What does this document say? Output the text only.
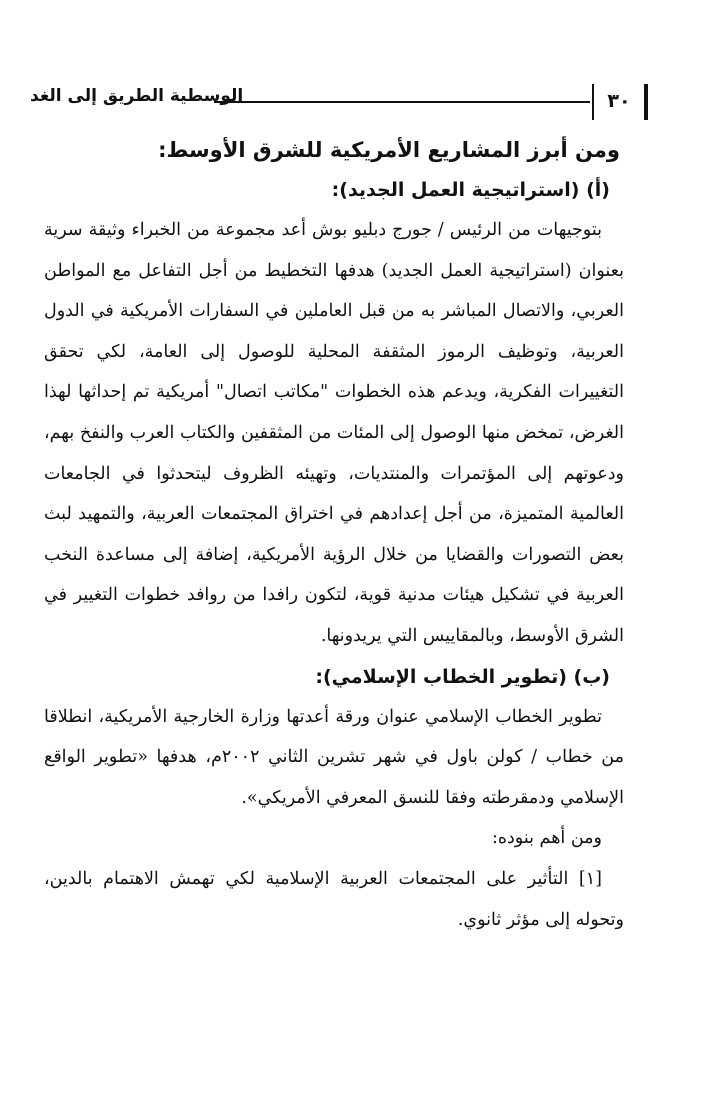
الوسطية الطريق إلى الغد	٣٠
ومن أبرز المشاريع الأمريكية للشرق الأوسط:
(أ) (استراتيجية العمل الجديد):

بتوجيهات من الرئيس / جورج دبليو بوش أعد مجموعة من الخبراء وثيقة سرية بعنوان (استراتيجية العمل الجديد) هدفها التخطيط من أجل التفاعل مع المواطن العربي، والاتصال المباشر به من قبل العاملين في السفارات الأمريكية في الدول العربية، وتوظيف الرموز المثقفة المحلية للوصول إلى العامة، لكي تحقق التغييرات الفكرية، ويدعم هذه الخطوات "مكاتب اتصال" أمريكية تم إحداثها لهذا الغرض، تمخض منها الوصول إلى المئات من المثقفين والكتاب العرب والنفخ بهم، ودعوتهم إلى المؤتمرات والمنتديات، وتهيئه الظروف ليتحدثوا في الجامعات العالمية المتميزة، من أجل إعدادهم في اختراق المجتمعات العربية، والتمهيد لبث بعض التصورات والقضايا من خلال الرؤية الأمريكية، إضافة إلى مساعدة النخب العربية في تشكيل هيئات مدنية قوية، لتكون رافدا من روافد خطوات التغيير في الشرق الأوسط، وبالمقاييس التي يريدونها.

(ب) (تطوير الخطاب الإسلامي):

تطوير الخطاب الإسلامي عنوان ورقة أعدتها وزارة الخارجية الأمريكية، انطلاقا من خطاب / كولن باول في شهر تشرين الثاني ٢٠٠٢م، هدفها «تطوير الواقع الإسلامي ودمقرطته وفقا للنسق المعرفي الأمريكي».

ومن أهم بنوده:

[١] التأثير على المجتمعات العربية الإسلامية لكي تهمش الاهتمام بالدين، وتحوله إلى مؤثر ثانوي.
